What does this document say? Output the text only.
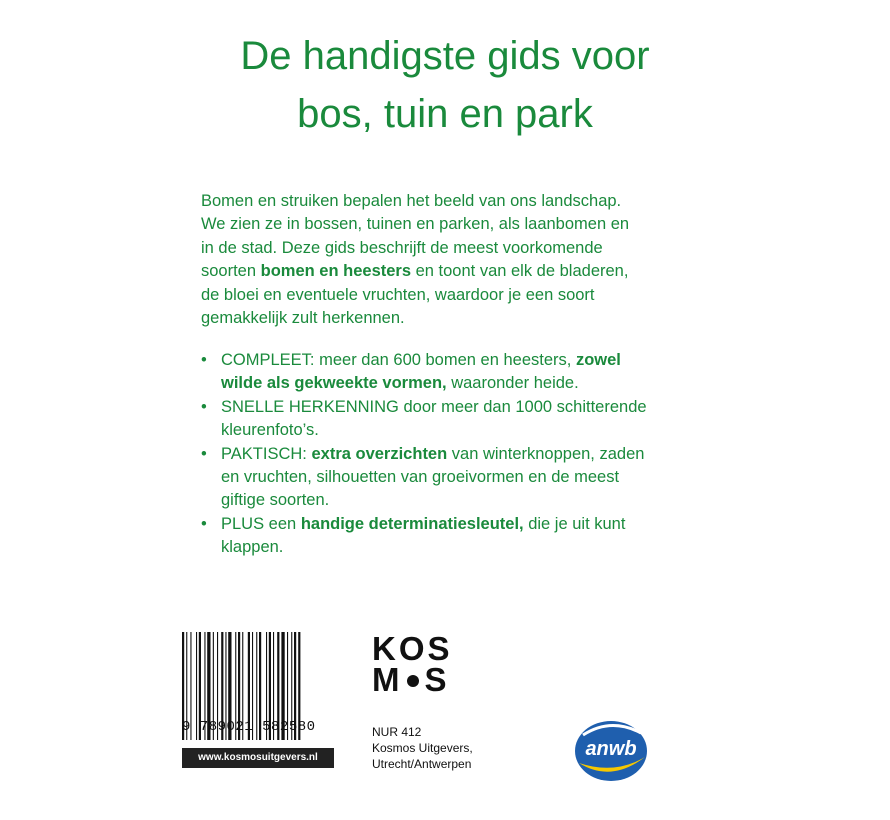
De handigste gids voor
bos, tuin en park

Bomen en struiken bepalen het beeld van ons landschap.

We zien ze in bossen, tuinen en parken, als laanbomen en

in de stad. Deze gids beschrijft de meest voorkomende

soorten bomen en heesters en toont van elk de bladeren,

de bloei en eventuele vruchten, waardoor je een soort

gemakkelijk zult herkennen.

• COMPLEET: meer dan 600 bomen en heesters, zowel
wilde als gekweekte vormen, waaronder heide.
• SNELLE HERKENNING door meer dan 1000 schitterende
kleurenfoto’s.
• PAKTISCH: extra overzichten van winterknoppen, zaden
en vruchten, silhouetten van groeivormen en de meest
giftige soorten.
• PLUS een handige determinatiesleutel, die je uit kunt
klappen.
9 789021 582580
www.kosmosuitgevers.nl
KOS
M S
NUR 412
Kosmos Uitgevers,
Utrecht/Antwerpen
anwb
